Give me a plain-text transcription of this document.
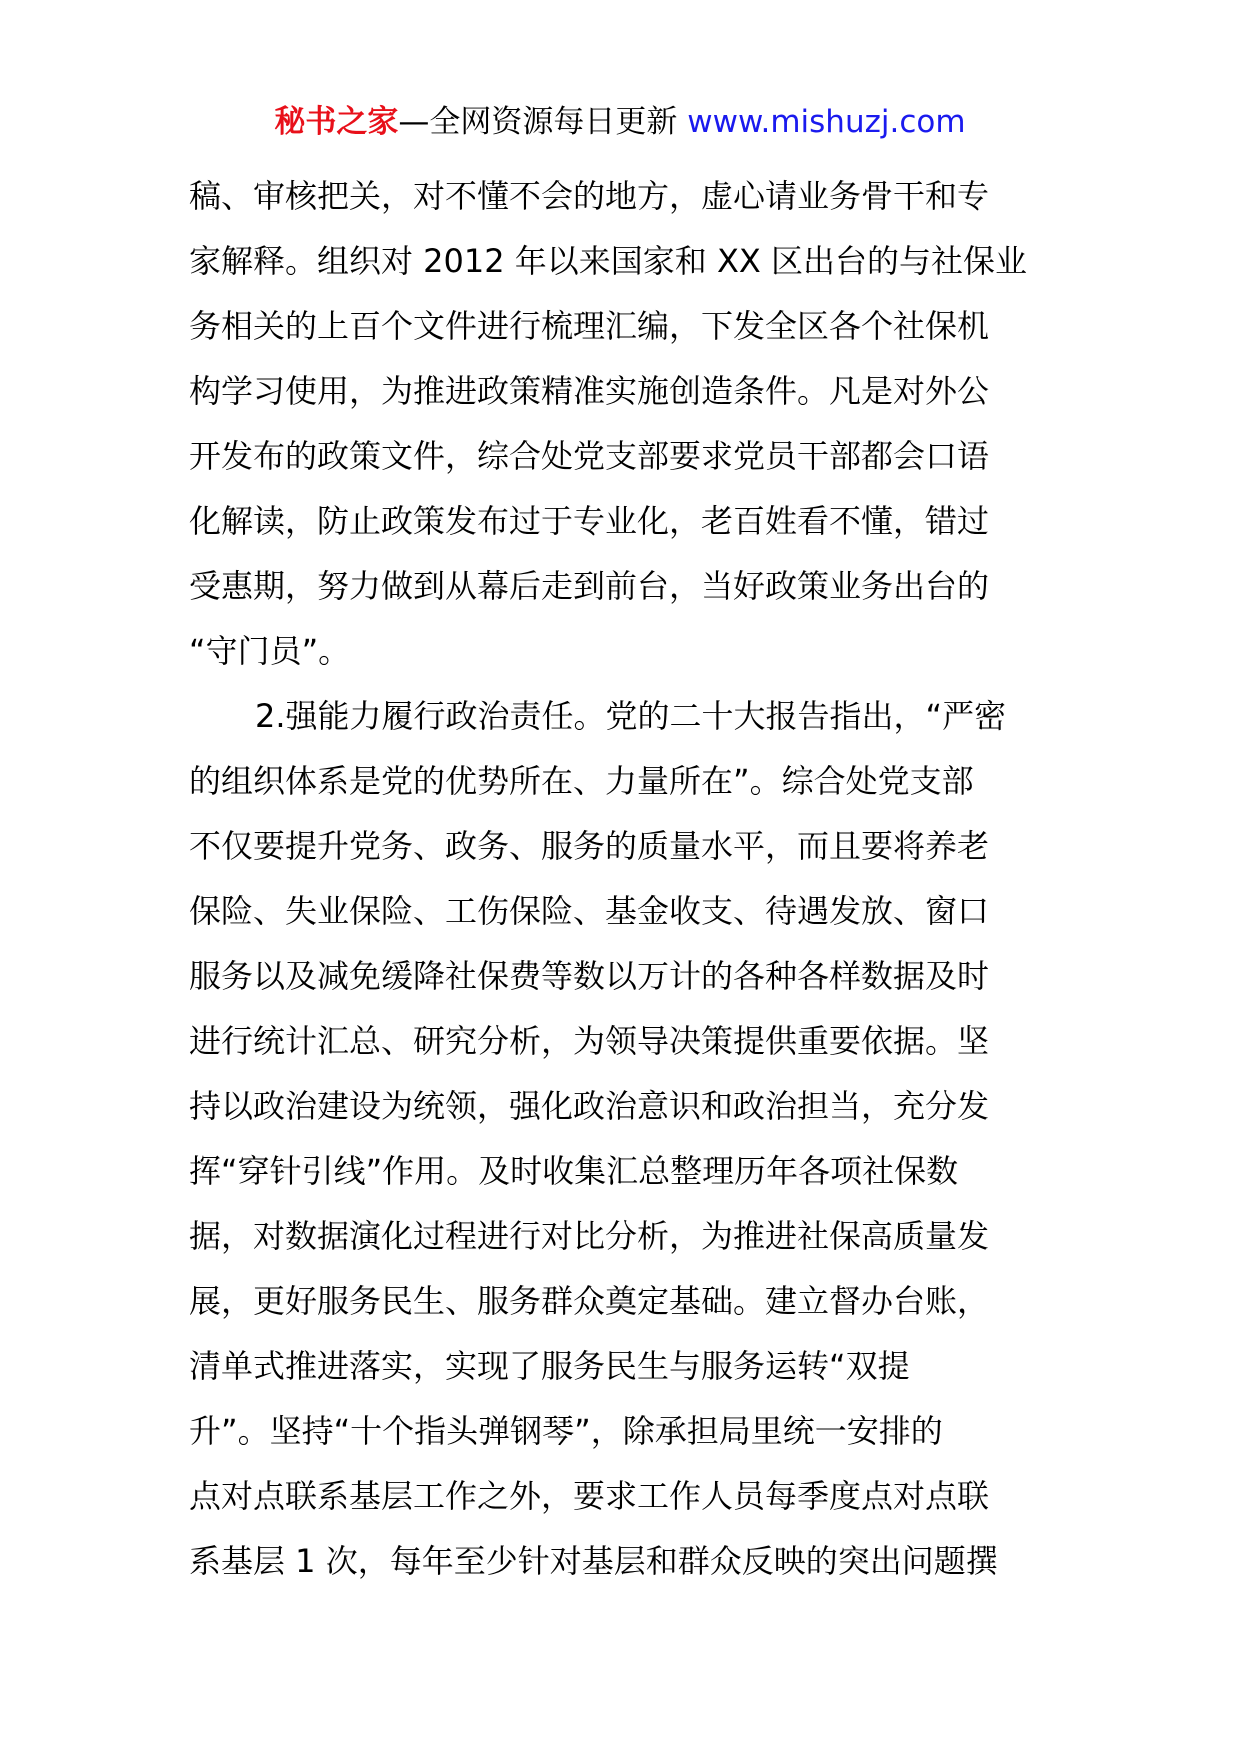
秘书之家—全网资源每日更新 www.mishuzj.com
稿、审核把关，对不懂不会的地方，虚心请业务骨干和专
家解释。组织对 2012 年以来国家和 XX 区出台的与社保业
务相关的上百个文件进行梳理汇编，下发全区各个社保机
构学习使用，为推进政策精准实施创造条件。凡是对外公
开发布的政策文件，综合处党支部要求党员干部都会口语
化解读，防止政策发布过于专业化，老百姓看不懂，错过
受惠期，努力做到从幕后走到前台，当好政策业务出台的
“守门员”。
2.强能力履行政治责任。党的二十大报告指出，“严密
的组织体系是党的优势所在、力量所在”。综合处党支部
不仅要提升党务、政务、服务的质量水平，而且要将养老
保险、失业保险、工伤保险、基金收支、待遇发放、窗口
服务以及减免缓降社保费等数以万计的各种各样数据及时
进行统计汇总、研究分析，为领导决策提供重要依据。坚
持以政治建设为统领，强化政治意识和政治担当，充分发
挥“穿针引线”作用。及时收集汇总整理历年各项社保数
据，对数据演化过程进行对比分析，为推进社保高质量发
展，更好服务民生、服务群众奠定基础。建立督办台账，
清单式推进落实，实现了服务民生与服务运转“双提
升”。坚持“十个指头弹钢琴”，除承担局里统一安排的
点对点联系基层工作之外，要求工作人员每季度点对点联
系基层 1 次，每年至少针对基层和群众反映的突出问题撰
